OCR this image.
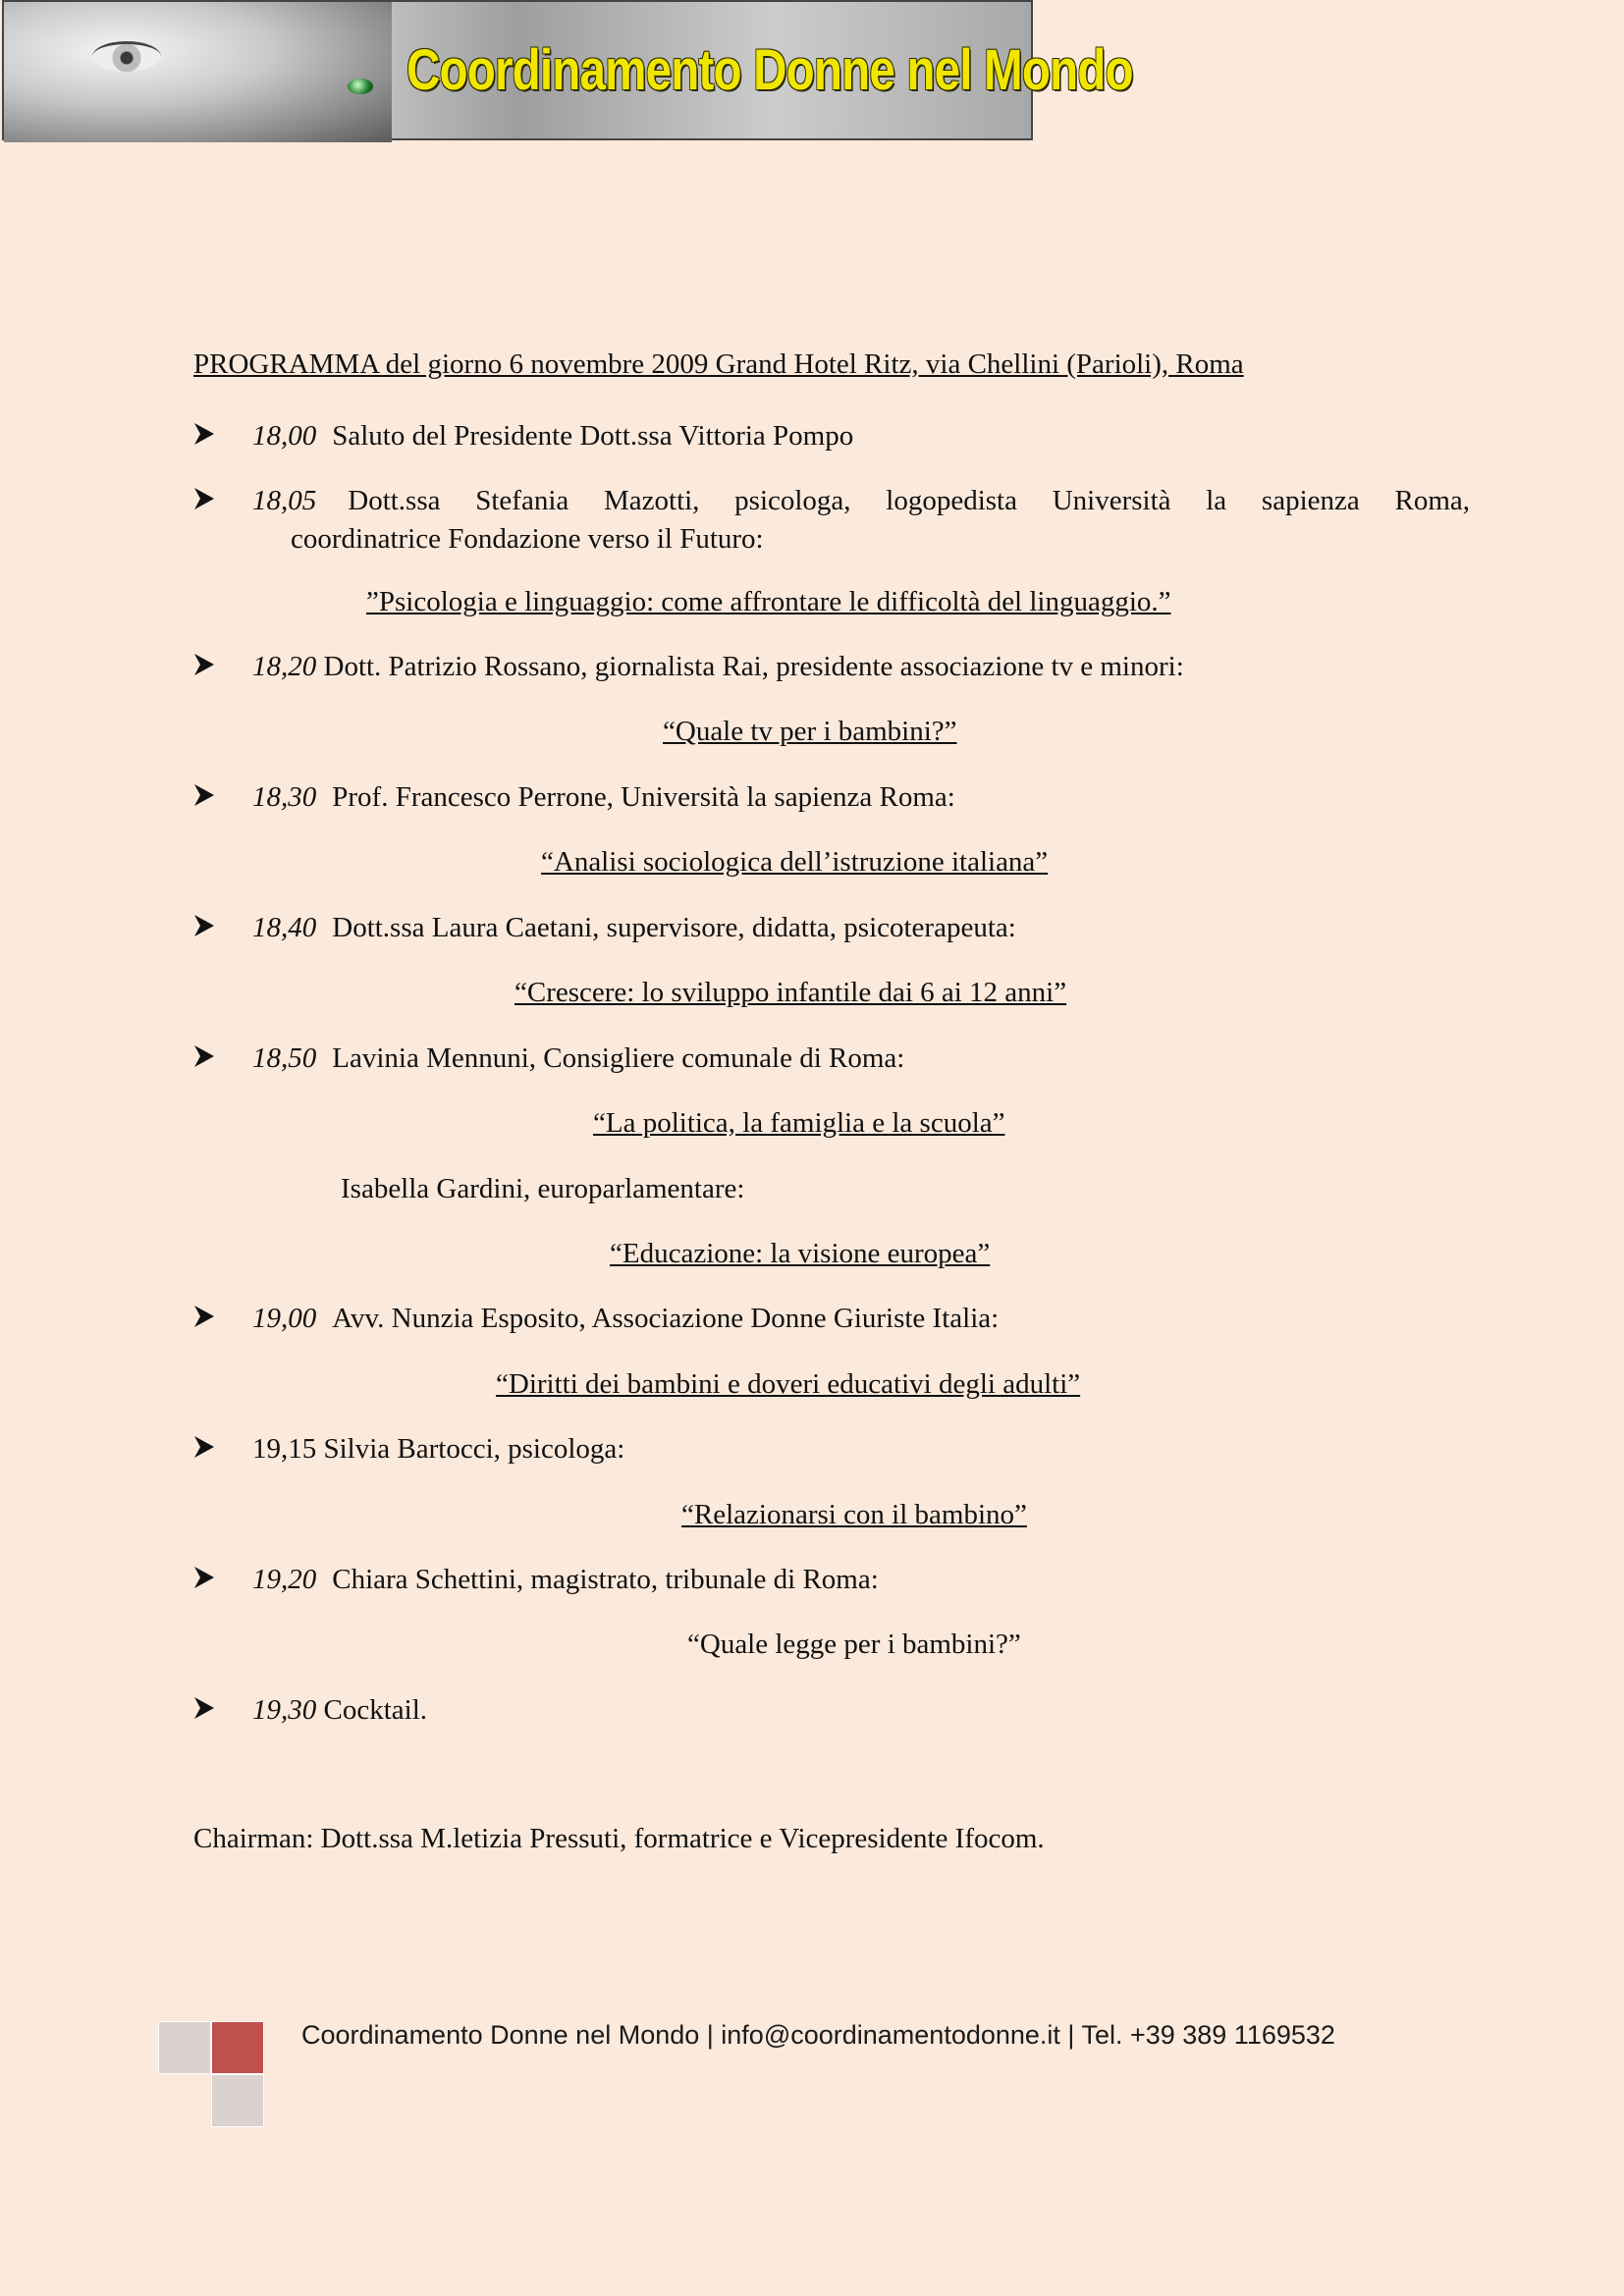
Coordinamento Donne nel Mondo
PROGRAMMA del giorno 6 novembre 2009 Grand Hotel Ritz, via Chellini (Parioli), Roma
18,00 Saluto del Presidente Dott.ssa Vittoria Pompo
18,05 Dott.ssa Stefania Mazotti, psicologa, logopedista Università la sapienza Roma,
coordinatrice Fondazione verso il Futuro:
”Psicologia e linguaggio: come affrontare le difficoltà del linguaggio.”
18,20 Dott. Patrizio Rossano, giornalista Rai, presidente associazione tv e minori:
“Quale tv per i bambini?”
18,30 Prof. Francesco Perrone, Università la sapienza Roma:
“Analisi sociologica dell’istruzione italiana”
18,40 Dott.ssa Laura Caetani, supervisore, didatta, psicoterapeuta:
“Crescere: lo sviluppo infantile dai 6 ai 12 anni”
18,50 Lavinia Mennuni, Consigliere comunale di Roma:
“La politica, la famiglia e la scuola”
Isabella Gardini, europarlamentare:
“Educazione: la visione europea”
19,00 Avv. Nunzia Esposito, Associazione Donne Giuriste Italia:
“Diritti dei bambini e doveri educativi degli adulti”
19,15 Silvia Bartocci, psicologa:
“Relazionarsi con il bambino”
19,20 Chiara Schettini, magistrato, tribunale di Roma:
“Quale legge per i bambini?”
19,30 Cocktail.
Chairman: Dott.ssa M.letizia Pressuti, formatrice e Vicepresidente Ifocom.
Coordinamento Donne nel Mondo | info@coordinamentodonne.it | Tel. +39 389 1169532
